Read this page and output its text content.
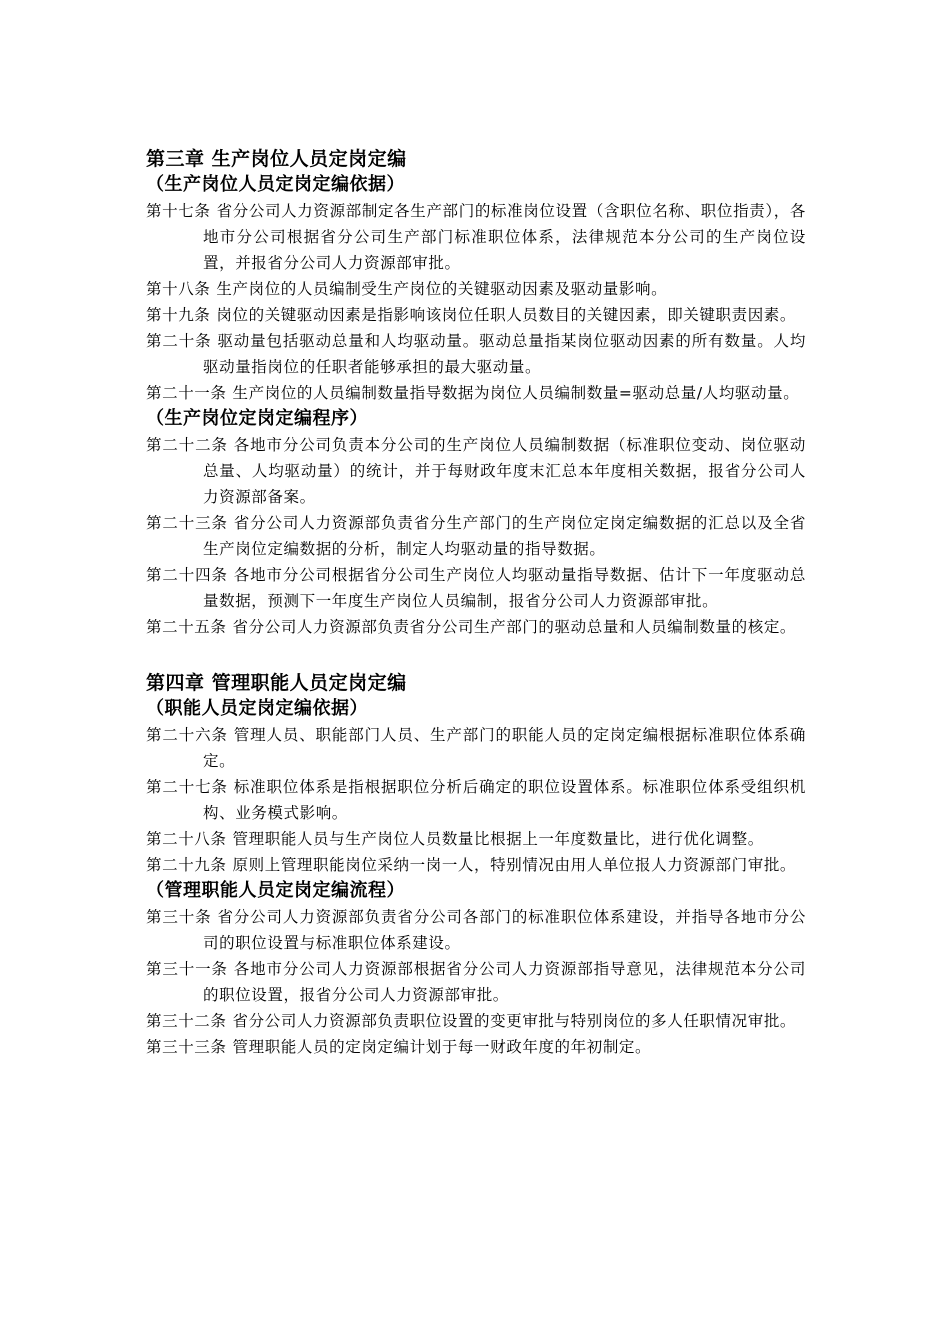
第三章 生产岗位人员定岗定编
（生产岗位人员定岗定编依据）

第十七条 省分公司人力资源部制定各生产部门的标准岗位设置（含职位名称、职位指责），各地市分公司根据省分公司生产部门标准职位体系，法律规范本分公司的生产岗位设置，并报省分公司人力资源部审批。

第十八条 生产岗位的人员编制受生产岗位的关键驱动因素及驱动量影响。

第十九条 岗位的关键驱动因素是指影响该岗位任职人员数目的关键因素，即关键职责因素。

第二十条 驱动量包括驱动总量和人均驱动量。驱动总量指某岗位驱动因素的所有数量。人均驱动量指岗位的任职者能够承担的最大驱动量。

第二十一条 生产岗位的人员编制数量指导数据为岗位人员编制数量=驱动总量/人均驱动量。

（生产岗位定岗定编程序）

第二十二条 各地市分公司负责本分公司的生产岗位人员编制数据（标准职位变动、岗位驱动总量、人均驱动量）的统计，并于每财政年度末汇总本年度相关数据，报省分公司人力资源部备案。

第二十三条 省分公司人力资源部负责省分生产部门的生产岗位定岗定编数据的汇总以及全省生产岗位定编数据的分析，制定人均驱动量的指导数据。

第二十四条 各地市分公司根据省分公司生产岗位人均驱动量指导数据、估计下一年度驱动总量数据，预测下一年度生产岗位人员编制，报省分公司人力资源部审批。

第二十五条 省分公司人力资源部负责省分公司生产部门的驱动总量和人员编制数量的核定。

第四章 管理职能人员定岗定编
（职能人员定岗定编依据）

第二十六条 管理人员、职能部门人员、生产部门的职能人员的定岗定编根据标准职位体系确定。

第二十七条 标准职位体系是指根据职位分析后确定的职位设置体系。标准职位体系受组织机构、业务模式影响。

第二十八条 管理职能人员与生产岗位人员数量比根据上一年度数量比，进行优化调整。

第二十九条 原则上管理职能岗位采纳一岗一人，特别情况由用人单位报人力资源部门审批。

（管理职能人员定岗定编流程）

第三十条 省分公司人力资源部负责省分公司各部门的标准职位体系建设，并指导各地市分公司的职位设置与标准职位体系建设。

第三十一条 各地市分公司人力资源部根据省分公司人力资源部指导意见，法律规范本分公司的职位设置，报省分公司人力资源部审批。

第三十二条 省分公司人力资源部负责职位设置的变更审批与特别岗位的多人任职情况审批。

第三十三条 管理职能人员的定岗定编计划于每一财政年度的年初制定。
